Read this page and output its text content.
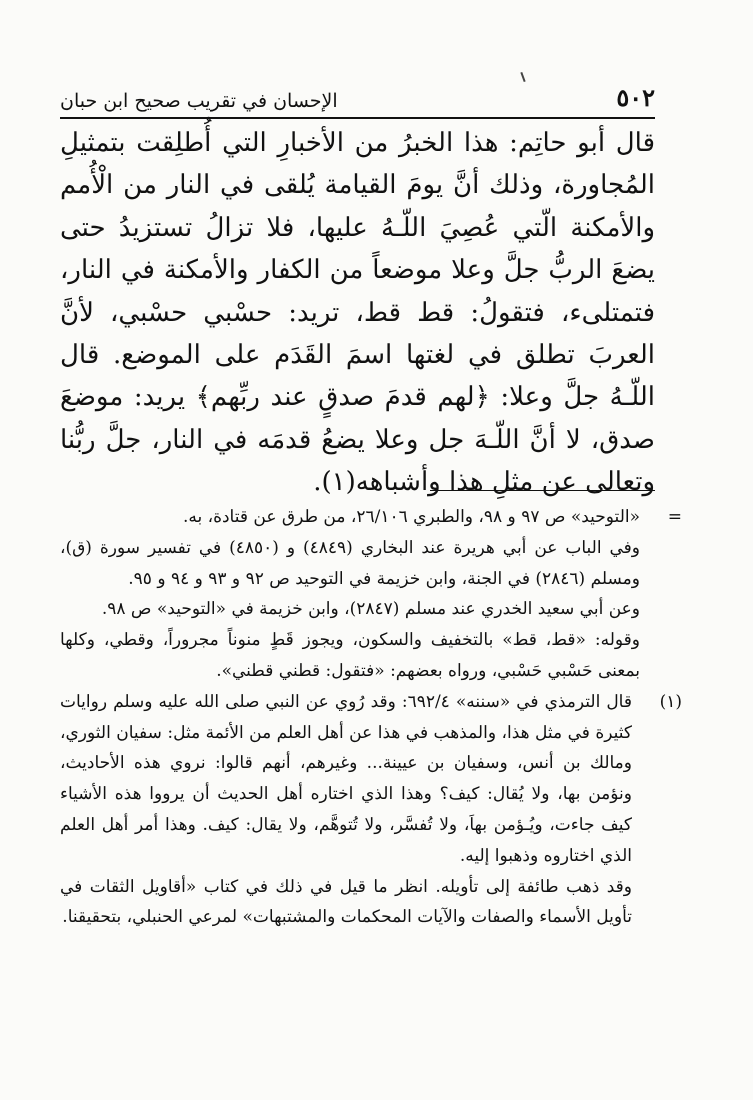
٥٠٢
الإحسان في تقريب صحيح ابن حبان

قال أبو حاتِم: هذا الخبرُ من الأخبارِ التي أُطلِقت بتمثيلِ المُجاورة، وذلك أنَّ يومَ القيامة يُلقى في النار من الْأُمم والأمكنة الّتي عُصِيَ اللّـهُ عليها، فلا تزالُ تستزيدُ حتى يضعَ الربُّ جلَّ وعلا موضعاً من الكفار والأمكنة في النار، فتمتلىء، فتقولُ: قط قط، تريد: حسْبي حسْبي، لأنَّ العربَ تطلق في لغتها اسمَ القَدَم على الموضع. قال اللّـهُ جلَّ وعلا: ﴿لهم قدمَ صدقٍ عند ربِّهم﴾ يريد: موضعَ صدق، لا أنَّ اللّـهَ جل وعلا يضعُ قدمَه في النار، جلَّ ربُّنا وتعالى عن مثلِ هذا وأشباهه(١).

=
«التوحيد» ص ٩٧ و ٩٨، والطبري ٢٦/١٠٦، من طرق عن قتادة، به.

وفي الباب عن أبي هريرة عند البخاري (٤٨٤٩) و (٤٨٥٠) في تفسير سورة (ق)، ومسلم (٢٨٤٦) في الجنة، وابن خزيمة في التوحيد ص ٩٢ و ٩٣ و ٩٤ و ٩٥.

وعن أبي سعيد الخدري عند مسلم (٢٨٤٧)، وابن خزيمة في «التوحيد» ص ٩٨.

وقوله: «قط، قط» بالتخفيف والسكون، ويجوز قَطٍ منوناً مجروراً، وقطي، وكلها بمعنى حَسْبي حَسْبي، ورواه بعضهم: «فتقول: قطني قطني».

(١)
قال الترمذي في «سننه» ٦٩٢/٤: وقد رُوي عن النبي صلى الله عليه وسلم روايات كثيرة في مثل هذا، والمذهب في هذا عن أهل العلم من الأئمة مثل: سفيان الثوري، ومالك بن أنس، وسفيان بن عيينة... وغيرهم، أنهم قالوا: نروي هذه الأحاديث، ونؤمن بها، ولا يُقال: كيف؟ وهذا الذي اختاره أهل الحديث أن يرووا هذه الأشياء كيف جاءت، ويُـؤمن بهاَ، ولا تُفسَّر، ولا تُتوهَّم، ولا يقال: كيف. وهذا أمر أهل العلم الذي اختاروه وذهبوا إليه.

وقد ذهب طائفة إلى تأويله. انظر ما قيل في ذلك في كتاب «أقاويل الثقات في تأويل الأسماء والصفات والآيات المحكمات والمشتبهات» لمرعي الحنبلي، بتحقيقنا.
